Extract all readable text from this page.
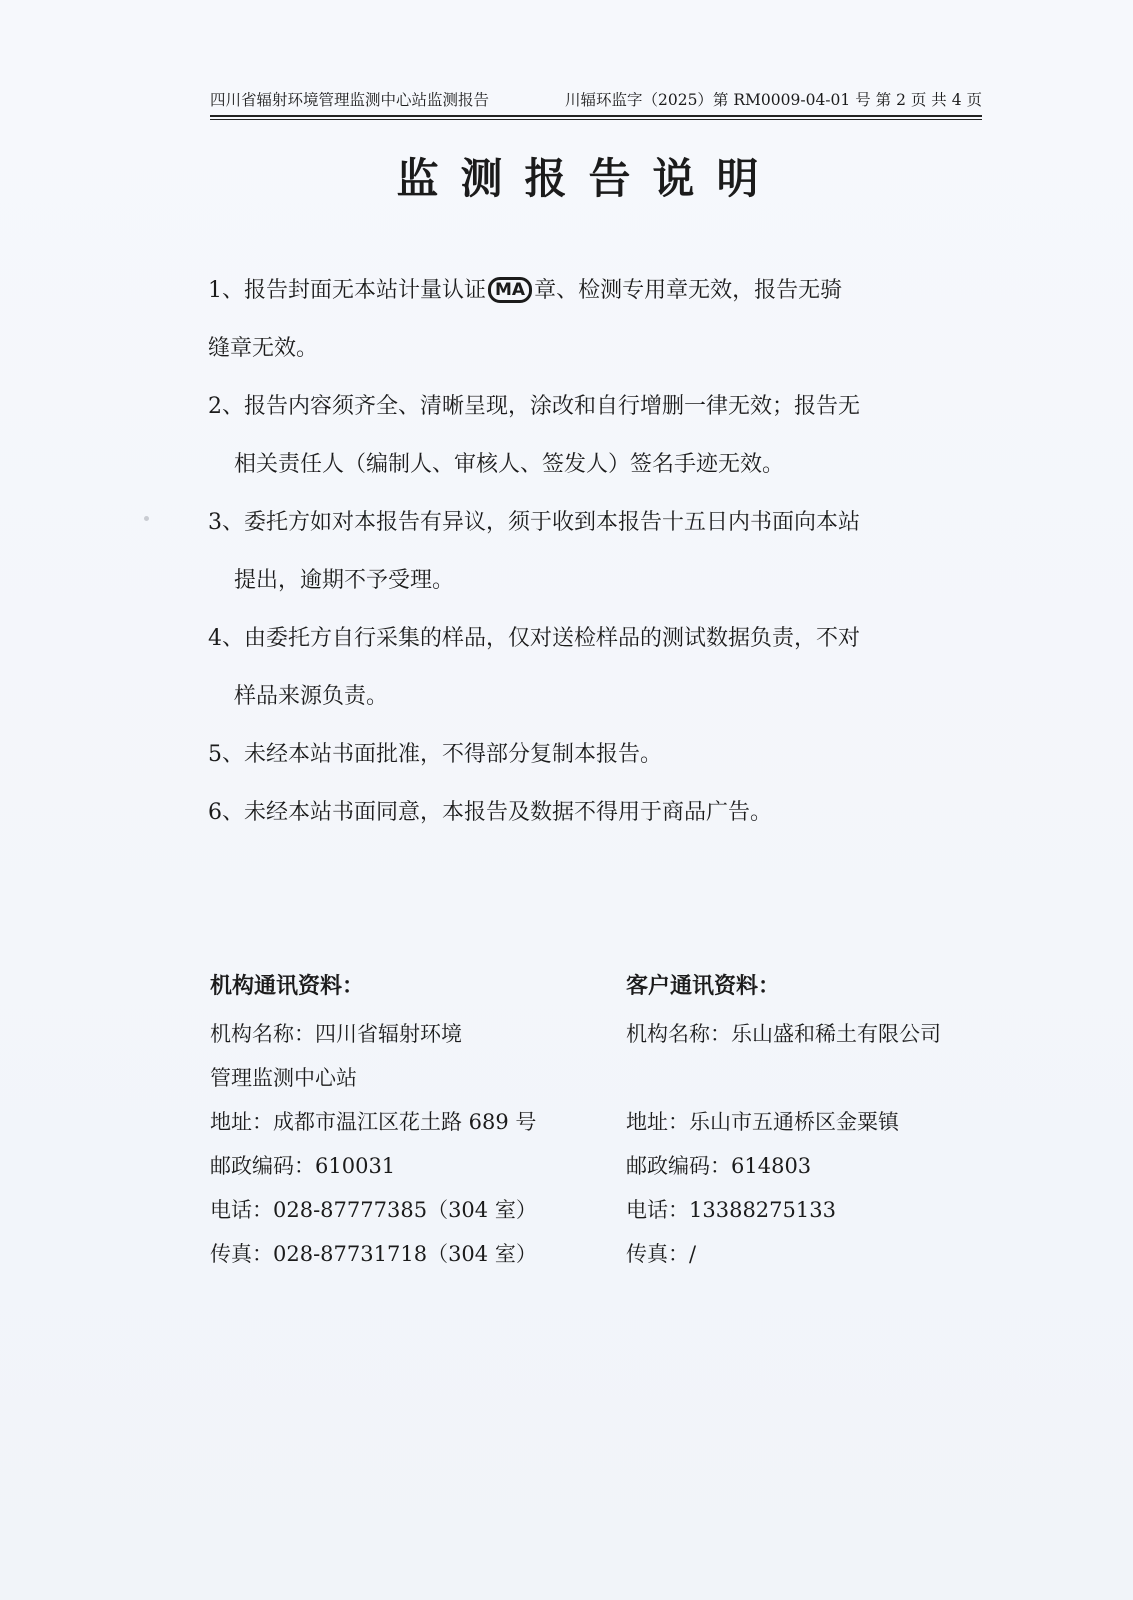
四川省辐射环境管理监测中心站监测报告	川辐环监字（2025）第 RM0009-04-01 号 第 2 页 共 4 页
监测报告说明
1、报告封面无本站计量认证 MA 章、检测专用章无效，报告无骑
缝章无效。
2、报告内容须齐全、清晰呈现，涂改和自行增删一律无效；报告无
相关责任人（编制人、审核人、签发人）签名手迹无效。
3、委托方如对本报告有异议，须于收到本报告十五日内书面向本站
提出，逾期不予受理。
4、由委托方自行采集的样品，仅对送检样品的测试数据负责，不对
样品来源负责。
5、未经本站书面批准，不得部分复制本报告。
6、未经本站书面同意，本报告及数据不得用于商品广告。
机构通讯资料：
机构名称：四川省辐射环境
管理监测中心站
地址：成都市温江区花土路 689 号
邮政编码：610031
电话：028-87777385（304 室）
传真：028-87731718（304 室）
客户通讯资料：
机构名称：乐山盛和稀土有限公司
地址：乐山市五通桥区金粟镇
邮政编码：614803
电话：13388275133
传真：/
